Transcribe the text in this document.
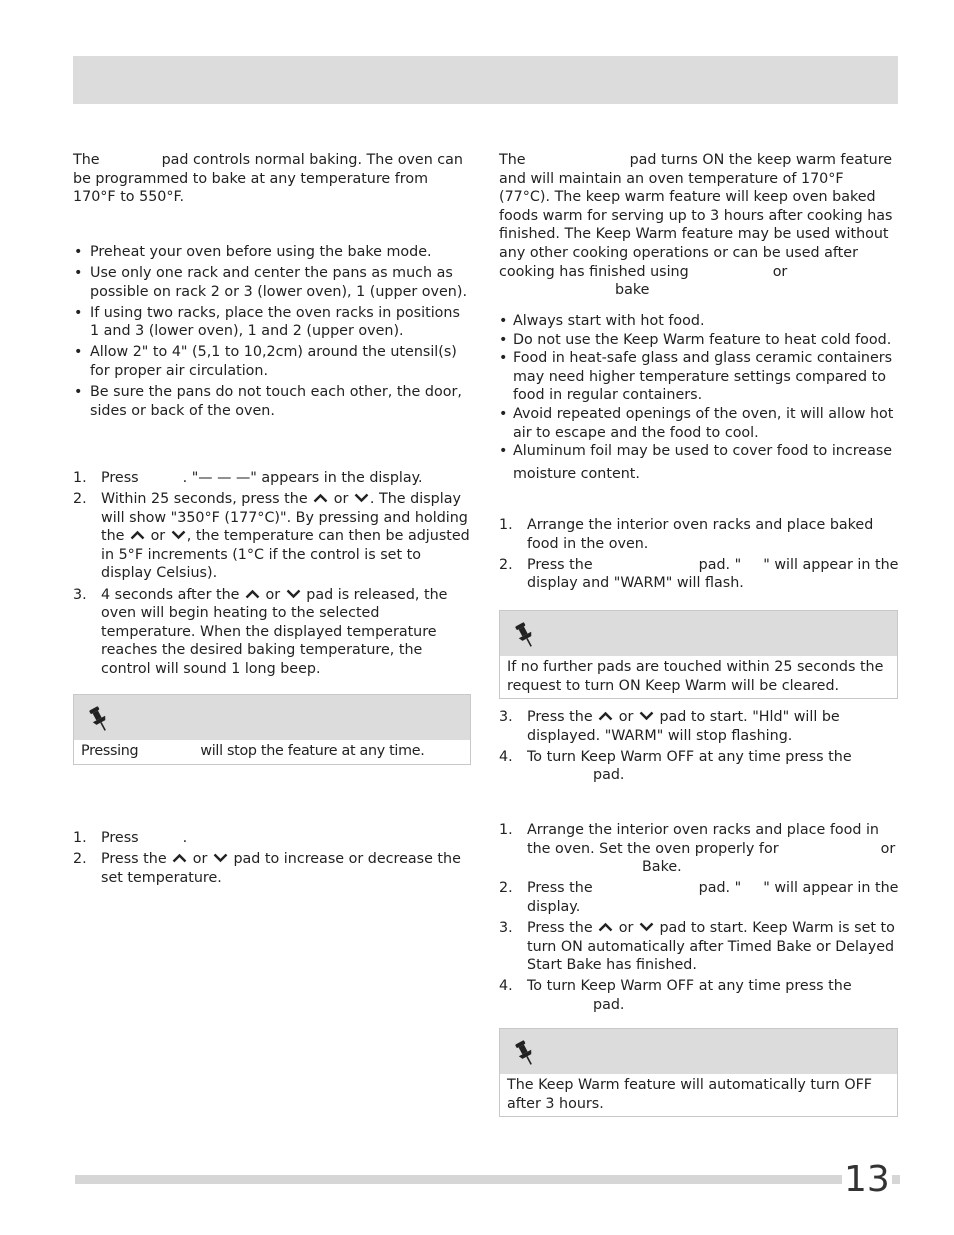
The	pad controls normal baking. The oven can be programmed to bake at any temperature from 170°F to 550°F.

• Preheat your oven before using the bake mode.
• Use only one rack and center the pans as much as possible on rack 2 or 3 (lower oven), 1 (upper oven).
• If using two racks, place the oven racks in positions 1 and 3 (lower oven), 1 and 2 (upper oven).
• Allow 2" to 4" (5,1 to 10,2cm) around the utensil(s) for proper air circulation.
• Be sure the pans do not touch each other, the door, sides or back of the oven.
1. Press	. "— — —" appears in the display.
2. Within 25 seconds, press the or . The display will show "350°F (177°C)". By pressing and holding the or , the temperature can then be adjusted in 5°F increments (1°C if the control is set to display Celsius).
3. 4 seconds after the or pad is released, the oven will begin heating to the selected temperature. When the displayed temperature reaches the desired baking temperature, the control will sound 1 long beep.
Pressing	will stop the feature at any time.
1. Press	.
2. Press the or pad to increase or decrease the set temperature.

The	pad turns ON the keep warm feature and will maintain an oven temperature of 170°F (77°C). The keep warm feature will keep oven baked foods warm for serving up to 3 hours after cooking has finished. The Keep Warm feature may be used without any other cooking operations or can be used after cooking has finished using	orbake

• Always start with hot food.
• Do not use the Keep Warm feature to heat cold food.
• Food in heat-safe glass and glass ceramic containers may need higher temperature settings compared to food in regular containers.
• Avoid repeated openings of the oven, it will allow hot air to escape and the food to cool.
• Aluminum foil may be used to cover food to increase
moisture content.
1. Arrange the interior oven racks and place baked food in the oven.
2. Press the	pad. " " will appear in the display and "WARM" will flash.
If no further pads are touched within 25 seconds the request to turn ON Keep Warm will be cleared.
3. Press the or pad to start. "Hld" will be displayed. "WARM" will stop flashing.
4. To turn Keep Warm OFF at any time press the
pad.
1. Arrange the interior oven racks and place food in the oven. Set the oven properly for	or
Bake.
2. Press the	pad. " " will appear in the display.
3. Press the or pad to start. Keep Warm is set to turn ON automatically after Timed Bake or Delayed Start Bake has finished.
4. To turn Keep Warm OFF at any time press the
pad.
The Keep Warm feature will automatically turn OFF after 3 hours.
13
